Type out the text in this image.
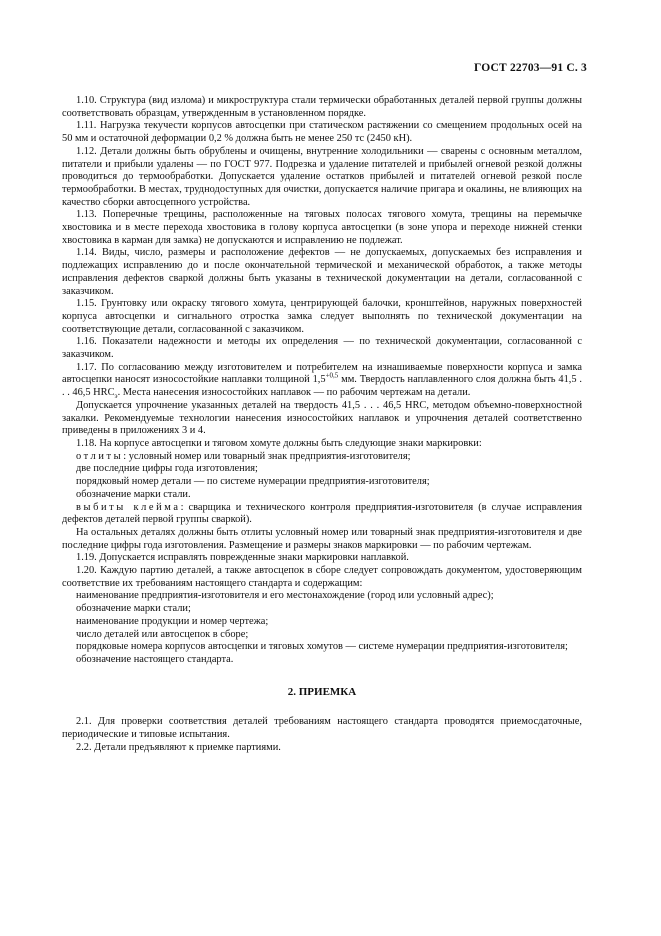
ГОСТ 22703—91 С. 3

1.10. Структура (вид излома) и микроструктура стали термически обработанных деталей первой группы должны соответствовать образцам, утвержденным в установленном порядке.

1.11. Нагрузка текучести корпусов автосцепки при статическом растяжении со смещением продольных осей на 50 мм и остаточной деформации 0,2 % должна быть не менее 250 тс (2450 кН).

1.12. Детали должны быть обрублены и очищены, внутренние холодильники — сварены с основным металлом, питатели и прибыли удалены — по ГОСТ 977. Подрезка и удаление питателей и прибылей огневой резкой должны проводиться до термообработки. Допускается удаление остатков прибылей и питателей огневой резкой после термообработки. В местах, труднодоступных для очистки, допускается наличие пригара и окалины, не влияющих на качество сборки автосцепного устройства.

1.13. Поперечные трещины, расположенные на тяговых полосах тягового хомута, трещины на перемычке хвостовика и в месте перехода хвостовика в голову корпуса автосцепки (в зоне упора и переходе нижней стенки хвостовика в карман для замка) не допускаются и исправлению не подлежат.

1.14. Виды, число, размеры и расположение дефектов — не допускаемых, допускаемых без исправления и подлежащих исправлению до и после окончательной термической и механической обработок, а также методы исправления дефектов сваркой должны быть указаны в технической документации на детали, согласованной с заказчиком.

1.15. Грунтовку или окраску тягового хомута, центрирующей балочки, кронштейнов, наружных поверхностей корпуса автосцепки и сигнального отростка замка следует выполнять по технической документации на соответствующие детали, согласованной с заказчиком.

1.16. Показатели надежности и методы их определения — по технической документации, согласованной с заказчиком.

1.17. По согласованию между изготовителем и потребителем на изнашиваемые поверхности корпуса и замка автосцепки наносят износостойкие наплавки толщиной $1,5^{+0,5}$ мм. Твердость наплавленного слоя должна быть 41,5 . . . 46,5 $HRC_э$. Места нанесения износостойких наплавок — по рабочим чертежам на детали.

Допускается упрочнение указанных деталей на твердость 41,5 . . . 46,5 HRC, методом объемно-поверхностной закалки. Рекомендуемые технологии нанесения износостойких наплавок и упрочнения деталей соответственно приведены в приложениях 3 и 4.

1.18. На корпусе автосцепки и тяговом хомуте должны быть следующие знаки маркировки:

отлиты: условный номер или товарный знак предприятия-изготовителя;

две последние цифры года изготовления;

порядковый номер детали — по системе нумерации предприятия-изготовителя;

обозначение марки стали.

выбиты клейма: сварщика и технического контроля предприятия-изготовителя (в случае исправления дефектов деталей первой группы сваркой).

На остальных деталях должны быть отлиты условный номер или товарный знак предприятия-изготовителя и две последние цифры года изготовления. Размещение и размеры знаков маркировки — по рабочим чертежам.

1.19. Допускается исправлять поврежденные знаки маркировки наплавкой.

1.20. Каждую партию деталей, а также автосцепок в сборе следует сопровождать документом, удостоверяющим соответствие их требованиям настоящего стандарта и содержащим:

наименование предприятия-изготовителя и его местонахождение (город или условный адрес);

обозначение марки стали;

наименование продукции и номер чертежа;

число деталей или автосцепок в сборе;

порядковые номера корпусов автосцепки и тяговых хомутов — системе нумерации предприятия-изготовителя;

обозначение настоящего стандарта.

2. ПРИЕМКА

2.1. Для проверки соответствия деталей требованиям настоящего стандарта проводятся приемосдаточные, периодические и типовые испытания.

2.2. Детали предъявляют к приемке партиями.
